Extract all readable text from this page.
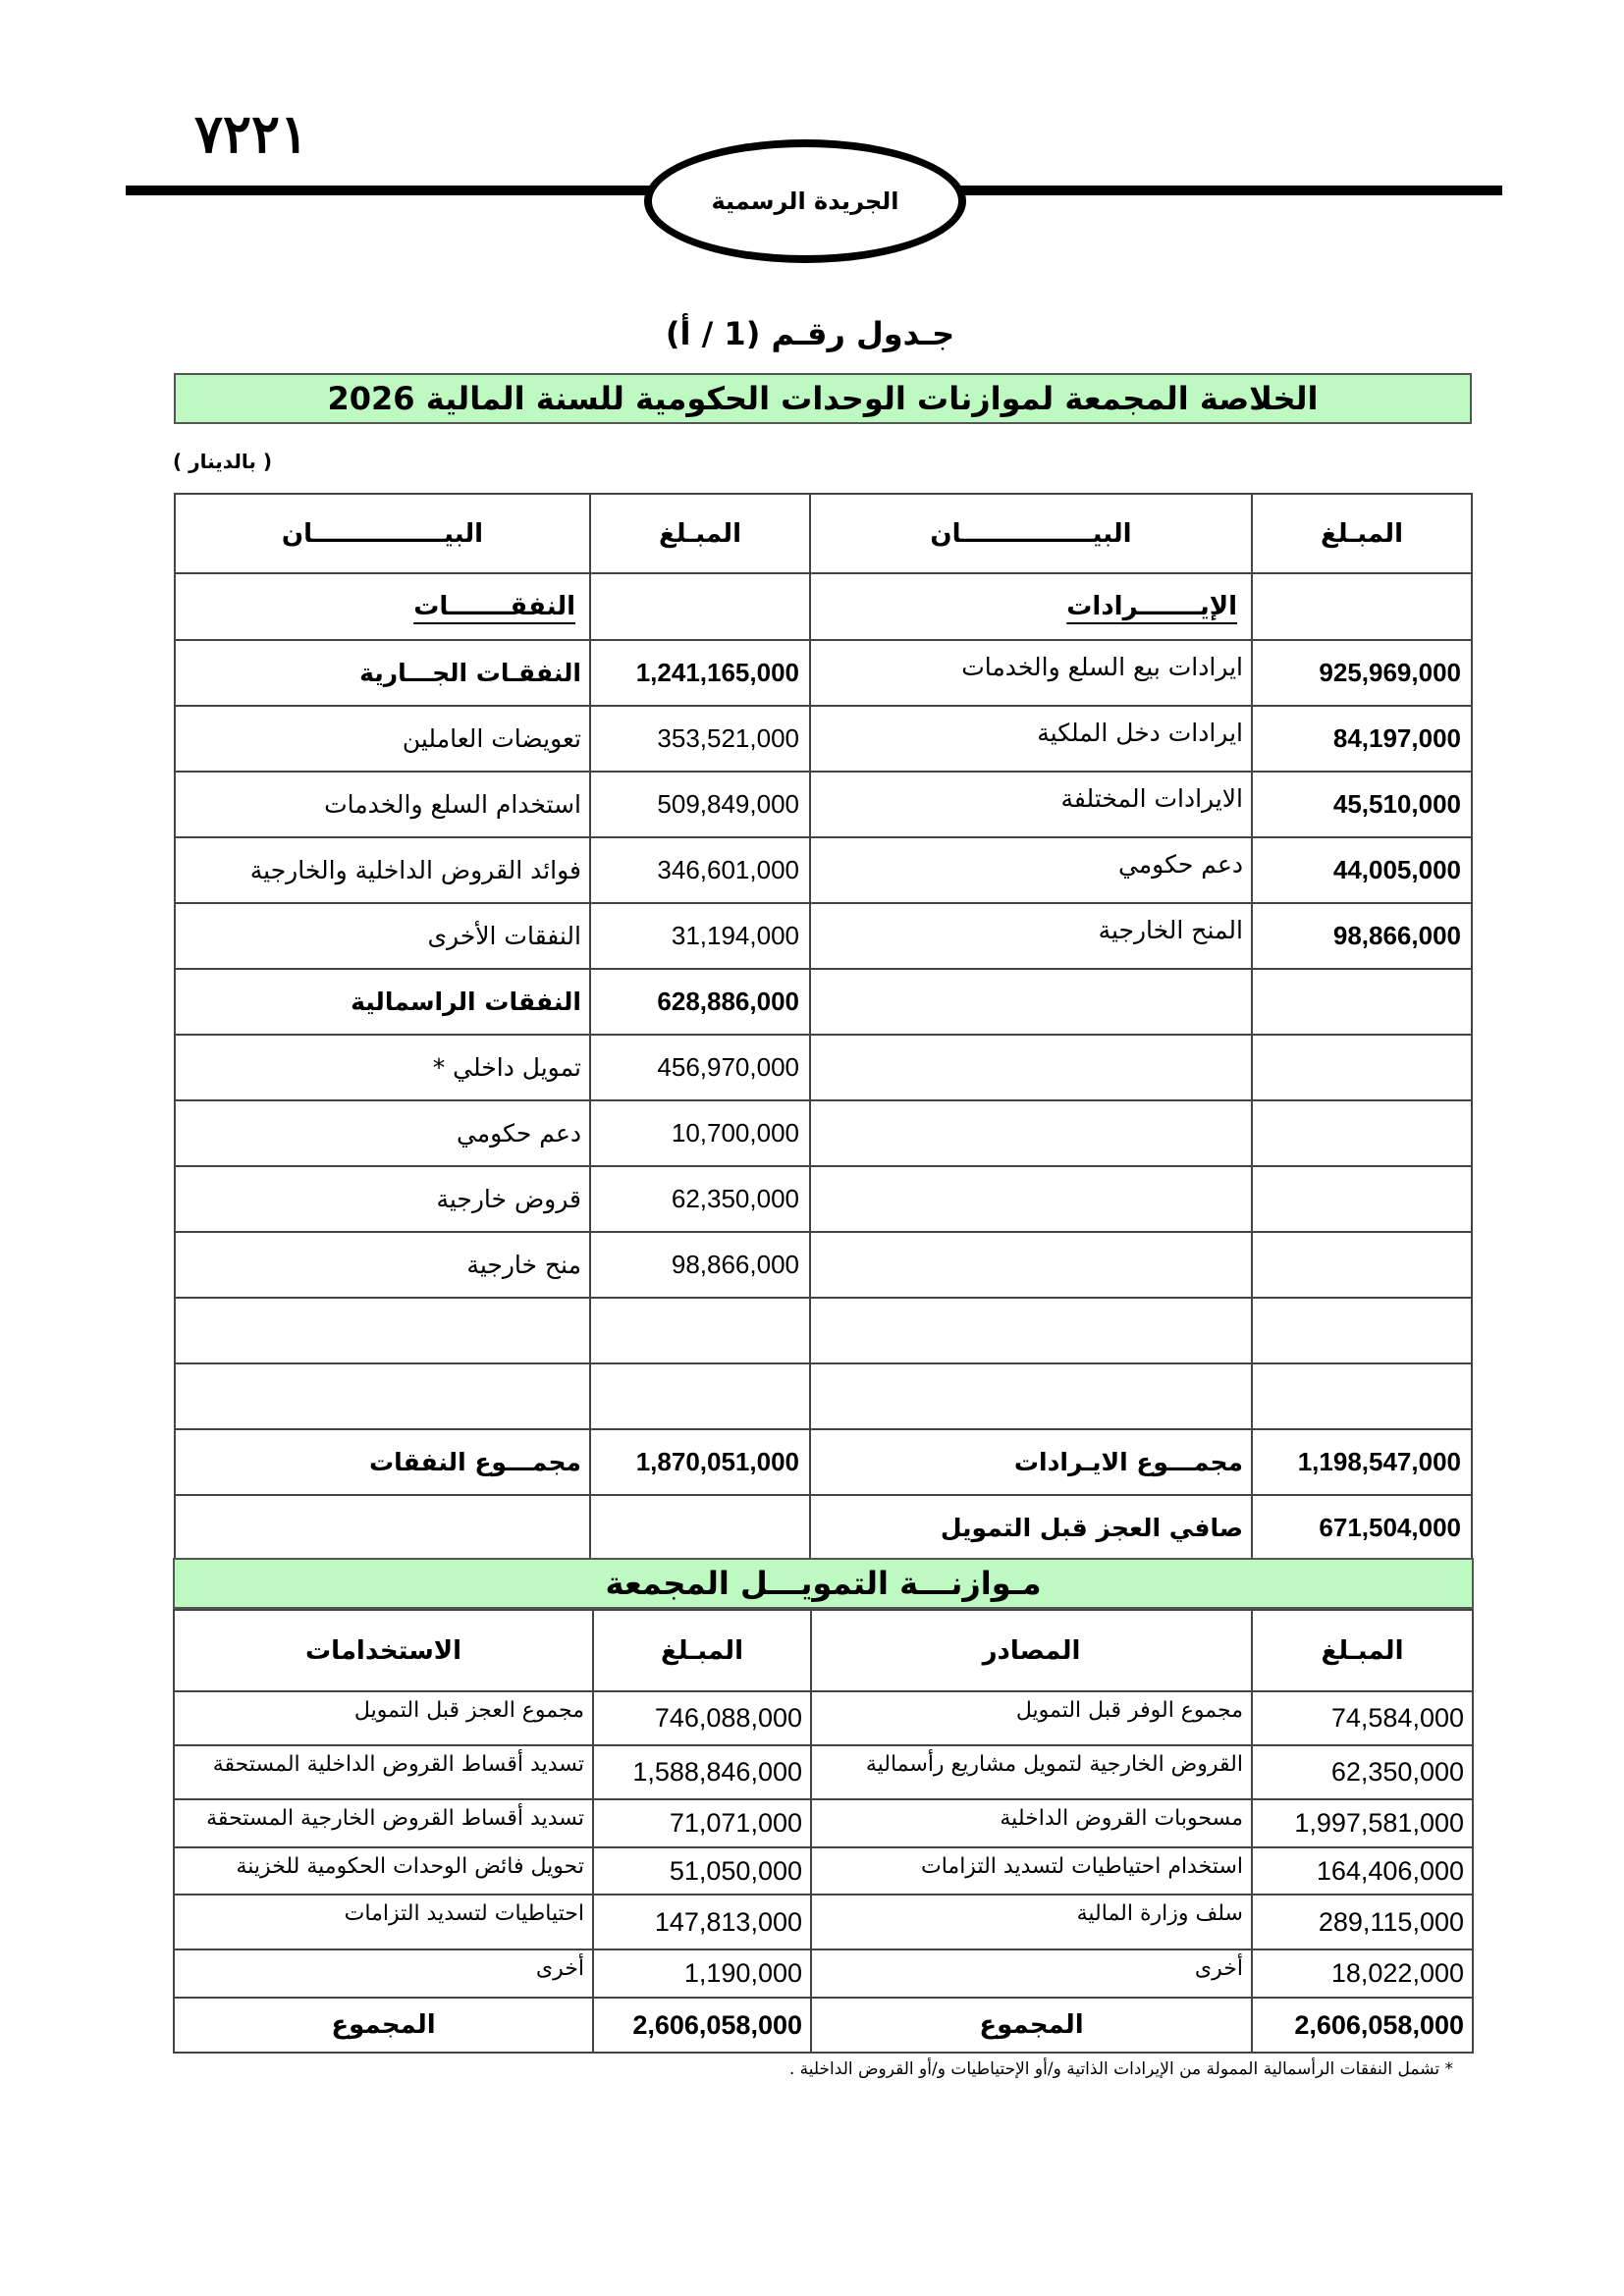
٧٢٢١
الجريدة الرسمية
جـدول رقـم (1 / أ)
الخلاصة المجمعة لموازنات الوحدات الحكومية للسنة المالية 2026
( بالدينار )
المبـلغ	البيـــــــــــــــان	المبـلغ	البيـــــــــــــــان
	الإيـــــــرادات		النفقـــــــات
925,969,000	ايرادات بيع السلع والخدمات	1,241,165,000	النفقـات الجـــارية
84,197,000	ايرادات دخل الملكية	353,521,000	تعويضات العاملين
45,510,000	الايرادات المختلفة	509,849,000	استخدام السلع والخدمات
44,005,000	دعم حكومي	346,601,000	فوائد القروض الداخلية والخارجية
98,866,000	المنح الخارجية	31,194,000	النفقات الأخرى
		628,886,000	النفقات الراسمالية
		456,970,000	تمويل داخلي *
		10,700,000	دعم حكومي
		62,350,000	قروض خارجية
		98,866,000	منح خارجية

1,198,547,000	مجمـــوع الايـرادات	1,870,051,000	مجمـــوع النفقات
671,504,000	صافي العجز قبل التمويل		
مـوازنـــة التمويـــل المجمعة
المبـلغ	المصادر	المبـلغ	الاستخدامات
74,584,000	مجموع الوفر قبل التمويل	746,088,000	مجموع العجز قبل التمويل
62,350,000	القروض الخارجية لتمويل مشاريع رأسمالية	1,588,846,000	تسديد أقساط القروض الداخلية المستحقة
1,997,581,000	مسحوبات القروض الداخلية	71,071,000	تسديد أقساط القروض الخارجية المستحقة
164,406,000	استخدام احتياطيات لتسديد التزامات	51,050,000	تحويل فائض الوحدات الحكومية للخزينة
289,115,000	سلف وزارة المالية	147,813,000	احتياطيات لتسديد التزامات
18,022,000	أخرى	1,190,000	أخرى
2,606,058,000	المجموع	2,606,058,000	المجموع
* تشمل النفقات الرأسمالية الممولة من الإيرادات الذاتية و/أو الإحتياطيات و/أو القروض الداخلية .
